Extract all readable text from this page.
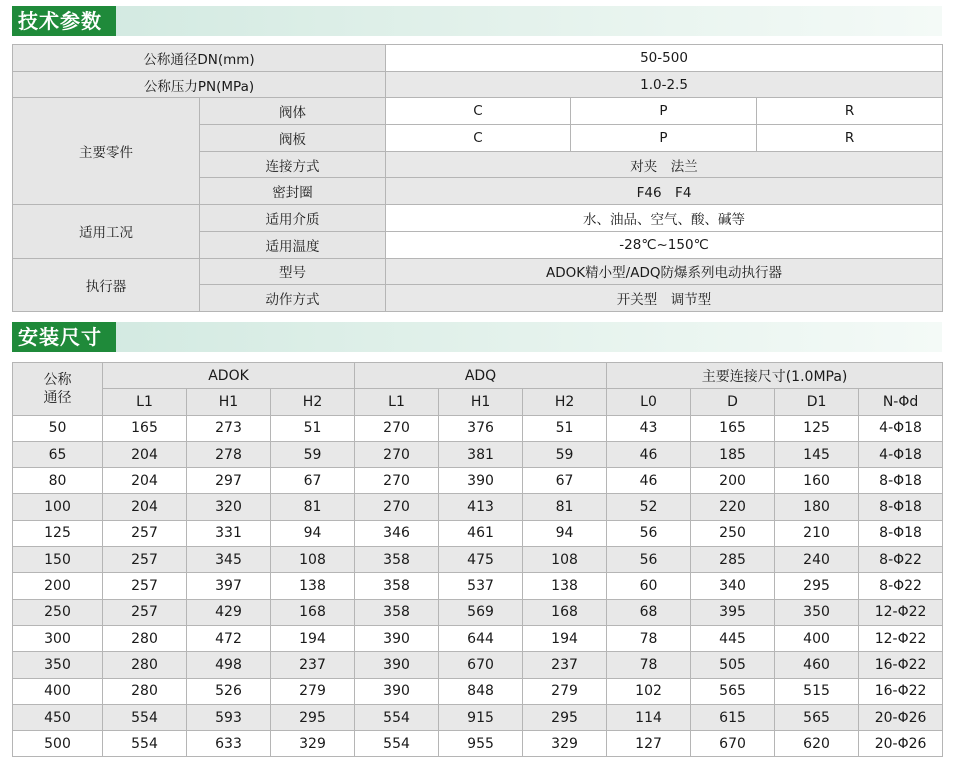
技术参数
公称通径DN(mm)		50-500		
公称压力PN(MPa)		1.0-2.5		
主要零件	阀体	C	P	R
	阀板	C	P	R
	连接方式	对夹　法兰		
	密封圈	F46　F4		
适用工况	适用介质	水、油品、空气、酸、碱等		
	适用温度	-28℃~150℃		
执行器	型号	ADOK精小型/ADQ防爆系列电动执行器		
	动作方式	开关型　调节型		
安装尺寸
公称
通径	ADOK			ADQ			主要连接尺寸(1.0MPa)			
	L1	H1	H2	L1	H1	H2	L0	D	D1	N-Φd
50	165	273	51	270	376	51	43	165	125	4-Φ18
65	204	278	59	270	381	59	46	185	145	4-Φ18
80	204	297	67	270	390	67	46	200	160	8-Φ18
100	204	320	81	270	413	81	52	220	180	8-Φ18
125	257	331	94	346	461	94	56	250	210	8-Φ18
150	257	345	108	358	475	108	56	285	240	8-Φ22
200	257	397	138	358	537	138	60	340	295	8-Φ22
250	257	429	168	358	569	168	68	395	350	12-Φ22
300	280	472	194	390	644	194	78	445	400	12-Φ22
350	280	498	237	390	670	237	78	505	460	16-Φ22
400	280	526	279	390	848	279	102	565	515	16-Φ22
450	554	593	295	554	915	295	114	615	565	20-Φ26
500	554	633	329	554	955	329	127	670	620	20-Φ26
